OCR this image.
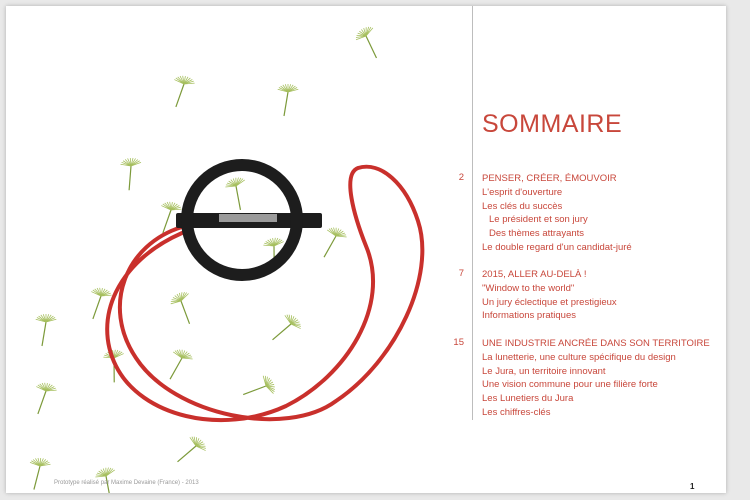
Prototype réalisé par Maxime Devaine (France) - 2013
SOMMAIRE
2 PENSER, CRÉER, ÉMOUVOIR
L'esprit d'ouverture
Les clés du succès
Le président et son jury
Des thèmes attrayants
Le double regard d'un candidat-juré
7 2015, ALLER AU-DELÀ !
"Window to the world"
Un jury éclectique et prestigieux
Informations pratiques
15 UNE INDUSTRIE ANCRÉE DANS SON TERRITOIRE
La lunetterie, une culture spécifique du design
Le Jura, un territoire innovant
Une vision commune pour une filière forte
Les Lunetiers du Jura
Les chiffres-clés
1
